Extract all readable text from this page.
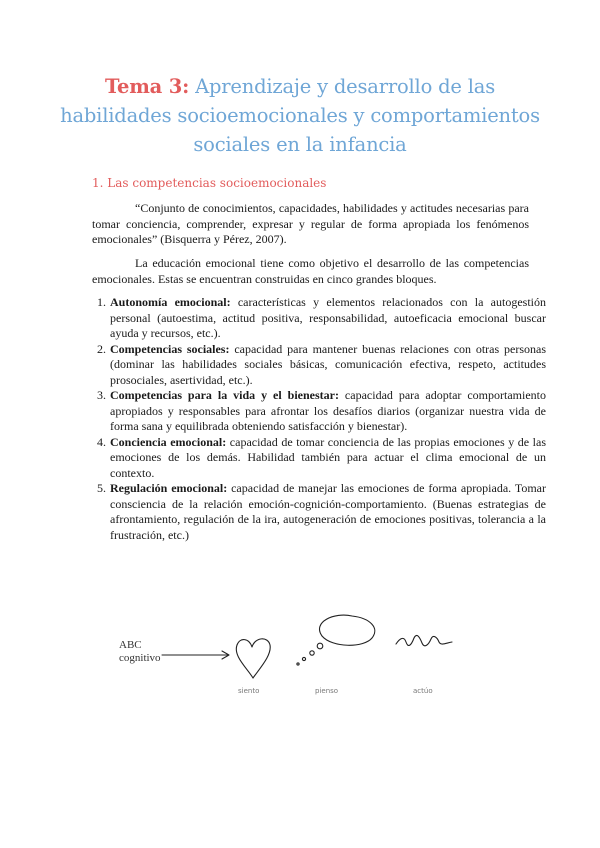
Tema 3: Aprendizaje y desarrollo de las habilidades socioemocionales y comportamientos sociales en la infancia
1. Las competencias socioemocionales

“Conjunto de conocimientos, capacidades, habilidades y actitudes necesarias para tomar conciencia, comprender, expresar y regular de forma apropiada los fenómenos emocionales” (Bisquerra y Pérez, 2007).

La educación emocional tiene como objetivo el desarrollo de las competencias emocionales. Estas se encuentran construidas en cinco grandes bloques.

1. Autonomía emocional: características y elementos relacionados con la autogestión personal (autoestima, actitud positiva, responsabilidad, autoeficacia emocional buscar ayuda y recursos, etc.).
2. Competencias sociales: capacidad para mantener buenas relaciones con otras personas (dominar las habilidades sociales básicas, comunicación efectiva, respeto, actitudes prosociales, asertividad, etc.).
3. Competencias para la vida y el bienestar: capacidad para adoptar comportamiento apropiados y responsables para afrontar los desafíos diarios (organizar nuestra vida de forma sana y equilibrada obteniendo satisfacción y bienestar).
4. Conciencia emocional: capacidad de tomar conciencia de las propias emociones y de las emociones de los demás. Habilidad también para actuar el clima emocional de un contexto.
5. Regulación emocional: capacidad de manejar las emociones de forma apropiada. Tomar consciencia de la relación emoción-cognición-comportamiento. (Buenas estrategias de afrontamiento, regulación de la ira, autogeneración de emociones positivas, tolerancia a la frustración, etc.)
ABC
cognitivo
siento	pienso	actúo
